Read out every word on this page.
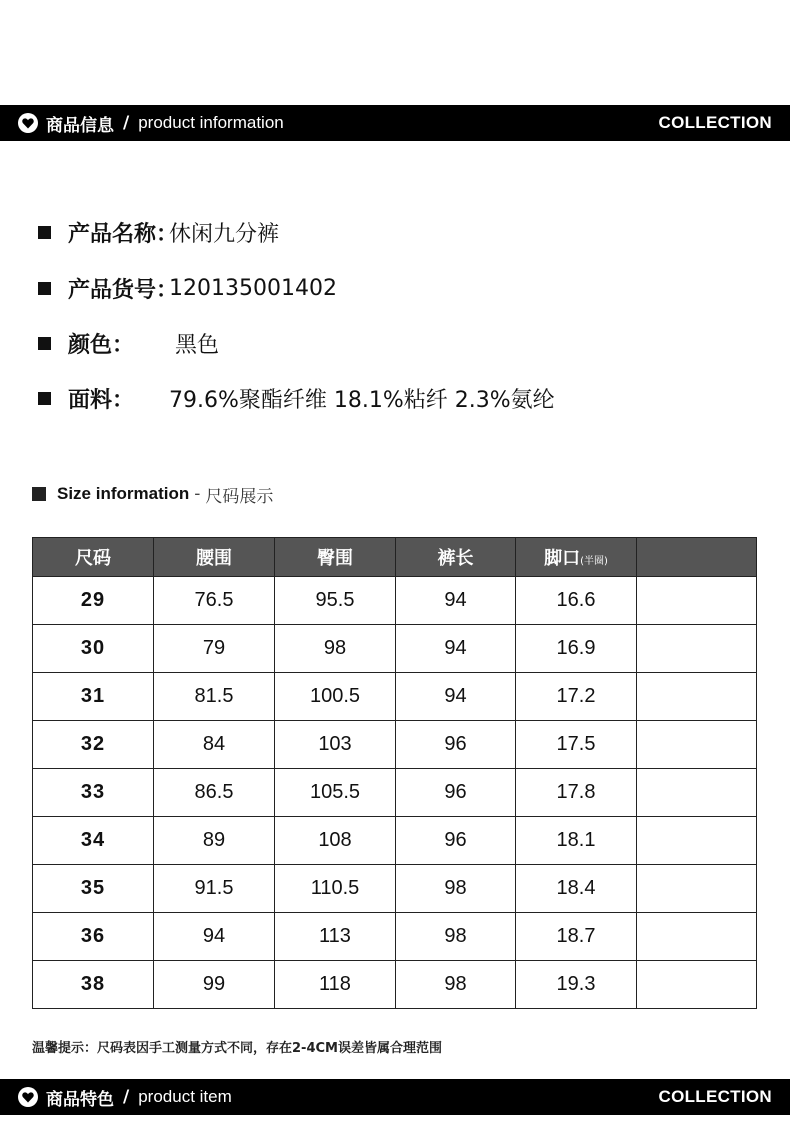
商品信息 / product information	COLLECTION
产品名称：
休闲九分裤
产品货号：
120135001402
颜色：	黑色
面料：	79.6%聚酯纤维 18.1%粘纤 2.3%氨纶
Size information - 尺码展示
尺码	腰围	臀围	裤长	脚口(半圈)	
29	76.5	95.5	94	16.6	
30	79	98	94	16.9	
31	81.5	100.5	94	17.2	
32	84	103	96	17.5	
33	86.5	105.5	96	17.8	
34	89	108	96	18.1	
35	91.5	110.5	98	18.4	
36	94	113	98	18.7	
38	99	118	98	19.3	
温馨提示：尺码表因手工测量方式不同，存在2-4CM误差皆属合理范围
商品特色 / product item	COLLECTION
